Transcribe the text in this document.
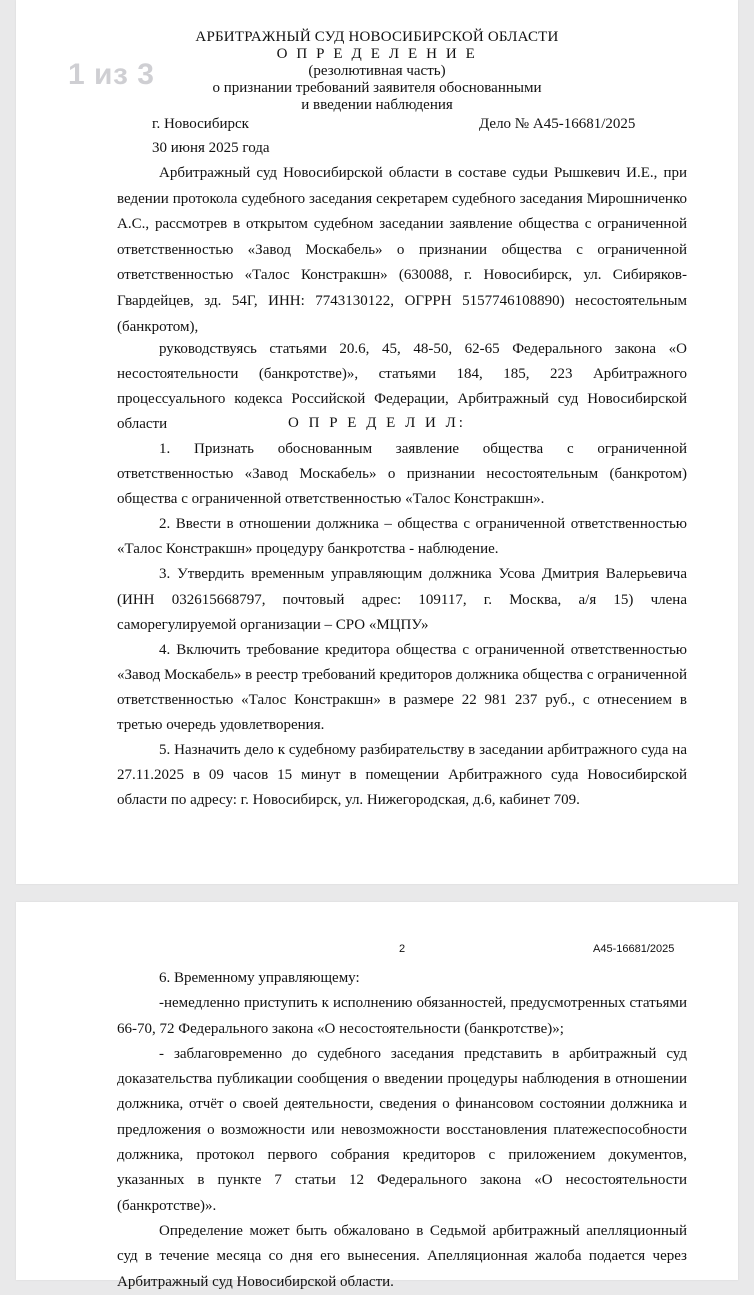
АРБИТРАЖНЫЙ СУД НОВОСИБИРСКОЙ ОБЛАСТИ
О П Р Е Д Е Л Е Н И Е
(резолютивная часть)
о признании требований заявителя обоснованными
и введении наблюдения
г. Новосибирск	Дело № А45-16681/2025
30 июня 2025 года

Арбитражный суд Новосибирской области в составе судьи Рышкевич И.Е., при ведении протокола судебного заседания секретарем судебного заседания Мирошниченко А.С., рассмотрев в открытом судебном заседании заявление общества с ограниченной ответственностью «Завод Москабель» о признании общества с ограниченной ответственностью «Талос Констракшн» (630088, г. Новосибирск, ул. Сибиряков-Гвардейцев, зд. 54Г, ИНН: 7743130122, ОГРРН 5157746108890) несостоятельным (банкротом),

руководствуясь статьями 20.6, 45, 48-50, 62-65 Федерального закона «О несостоятельности (банкротстве)», статьями 184, 185, 223 Арбитражного процессуального кодекса Российской Федерации, Арбитражный суд Новосибирской области	О П Р Е Д Е Л И Л:

1. Признать обоснованным заявление общества с ограниченной ответственностью «Завод Москабель» о признании несостоятельным (банкротом) общества с ограниченной ответственностью «Талос Констракшн».

2. Ввести в отношении должника – общества с ограниченной ответственностью «Талос Констракшн» процедуру банкротства - наблюдение.

3. Утвердить временным управляющим должника Усова Дмитрия Валерьевича (ИНН 032615668797, почтовый адрес: 109117, г. Москва, а/я 15) члена саморегулируемой организации – СРО «МЦПУ»

4. Включить требование кредитора общества с ограниченной ответственностью «Завод Москабель» в реестр требований кредиторов должника общества с ограниченной ответственностью «Талос Констракшн» в размере 22 981 237 руб., с отнесением в третью очередь удовлетворения.

5. Назначить дело к судебному разбирательству в заседании арбитражного суда на 27.11.2025 в 09 часов 15 минут в помещении Арбитражного суда Новосибирской области по адресу: г. Новосибирск, ул. Нижегородская, д.6, кабинет 709.

1 из 3
2	А45-16681/2025

6. Временному управляющему:

-немедленно приступить к исполнению обязанностей, предусмотренных статьями 66-70, 72 Федерального закона «О несостоятельности (банкротстве)»;

- заблаговременно до судебного заседания представить в арбитражный суд доказательства публикации сообщения о введении процедуры наблюдения в отношении должника, отчёт о своей деятельности, сведения о финансовом состоянии должника и предложения о возможности или невозможности восстановления платежеспособности должника, протокол первого собрания кредиторов с приложением документов, указанных в пункте 7 статьи 12 Федерального закона «О несостоятельности (банкротстве)».

Определение может быть обжаловано в Седьмой арбитражный апелляционный суд в течение месяца со дня его вынесения. Апелляционная жалоба подается через Арбитражный суд Новосибирской области.
